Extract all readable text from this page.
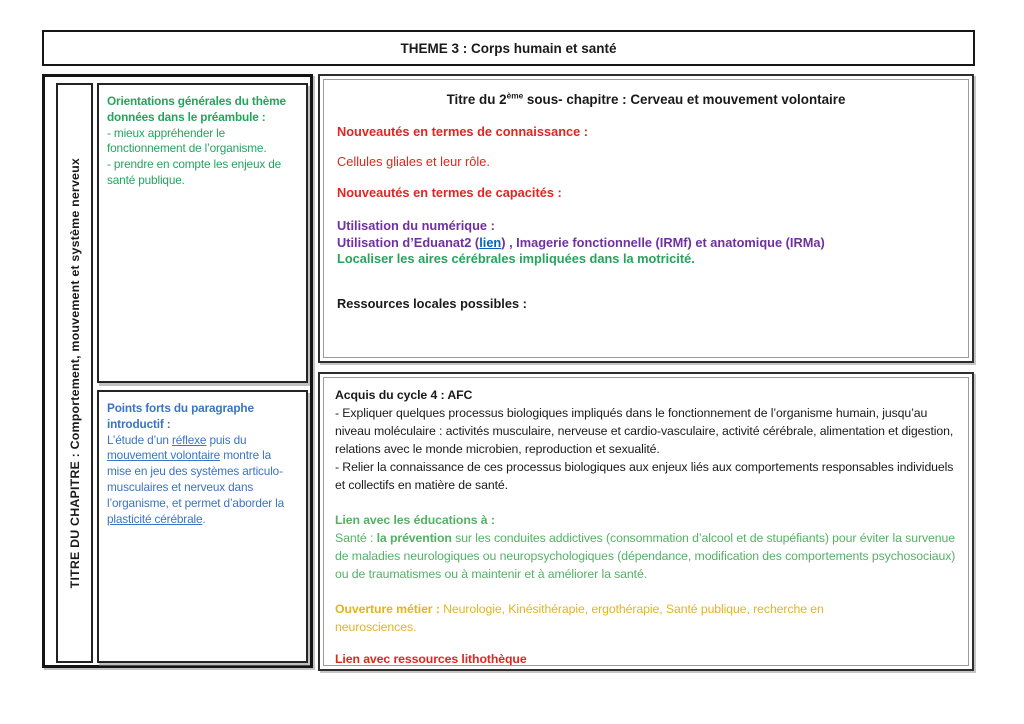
THEME 3 : Corps humain et santé
TITRE DU CHAPITRE : Comportement, mouvement et système nerveux
Orientations générales du thème données dans le préambule :
- mieux appréhender le fonctionnement de l’organisme.
- prendre en compte les enjeux de santé publique.
Points forts du paragraphe introductif :
L’étude d’un réflexe puis du mouvement volontaire montre la mise en jeu des systèmes articulo-musculaires et nerveux dans l’organisme, et permet d’aborder la plasticité cérébrale.
Titre du 2ème sous- chapitre : Cerveau et mouvement volontaire
Nouveautés en termes de connaissance :
Cellules gliales et leur rôle.
Nouveautés en termes de capacités :
Utilisation du numérique :
Utilisation d’Eduanat2 (lien) , Imagerie fonctionnelle (IRMf) et anatomique (IRMa)
Localiser les aires cérébrales impliquées dans la motricité.
Ressources locales possibles :
Acquis du cycle 4 : AFC
- Expliquer quelques processus biologiques impliqués dans le fonctionnement de l’organisme humain, jusqu’au niveau moléculaire : activités musculaire, nerveuse et cardio-vasculaire, activité cérébrale, alimentation et digestion, relations avec le monde microbien, reproduction et sexualité.
- Relier la connaissance de ces processus biologiques aux enjeux liés aux comportements responsables individuels et collectifs en matière de santé.
Lien avec les éducations à :
Santé : la prévention sur les conduites addictives (consommation d’alcool et de stupéfiants) pour éviter la survenue de maladies neurologiques ou neuropsychologiques (dépendance, modification des comportements psychosociaux) ou de traumatismes ou à maintenir et à améliorer la santé.
Ouverture métier : Neurologie, Kinésithérapie, ergothérapie, Santé publique, recherche en
neurosciences.
Lien avec ressources lithothèque
